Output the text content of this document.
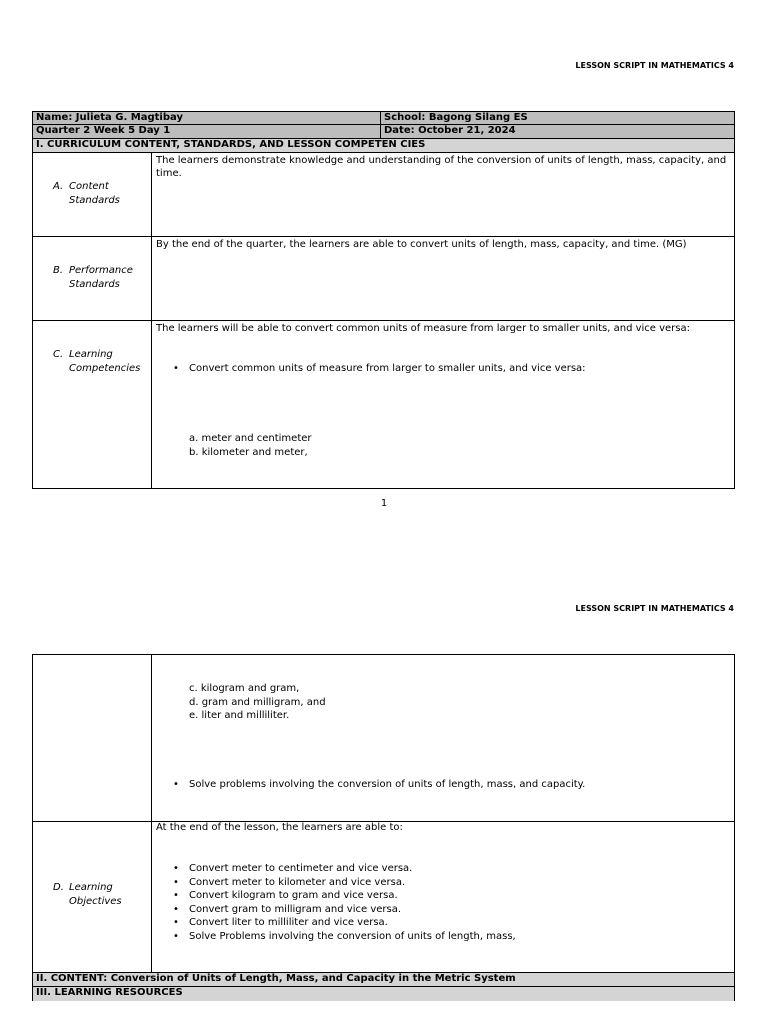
LESSON SCRIPT IN MATHEMATICS 4
Name: Julieta G. Magtibay	School: Bagong Silang ES
Quarter 2 Week 5 Day 1	Date: October 21, 2024
I. CURRICULUM CONTENT, STANDARDS, AND LESSON COMPETEN CIES
A. Content
Standards
The learners demonstrate knowledge and understanding of the conversion of units of length, mass, capacity, and time.
B. Performance
Standards
By the end of the quarter, the learners are able to convert units of length, mass, capacity, and time. (MG)
C. Learning
Competencies
The learners will be able to convert common units of measure from larger to smaller units, and vice versa:
• Convert common units of measure from larger to smaller units, and vice versa:
a. meter and centimeter
b. kilometer and meter,
1
LESSON SCRIPT IN MATHEMATICS 4
c. kilogram and gram,
d. gram and milligram, and
e. liter and milliliter.
• Solve problems involving the conversion of units of length, mass, and capacity.
D. Learning
Objectives
At the end of the lesson, the learners are able to:
• Convert meter to centimeter and vice versa.
• Convert meter to kilometer and vice versa.
• Convert kilogram to gram and vice versa.
• Convert gram to milligram and vice versa.
• Convert liter to milliliter and vice versa.
• Solve Problems involving the conversion of units of length, mass,
II. CONTENT: Conversion of Units of Length, Mass, and Capacity in the Metric System
III. LEARNING RESOURCES
